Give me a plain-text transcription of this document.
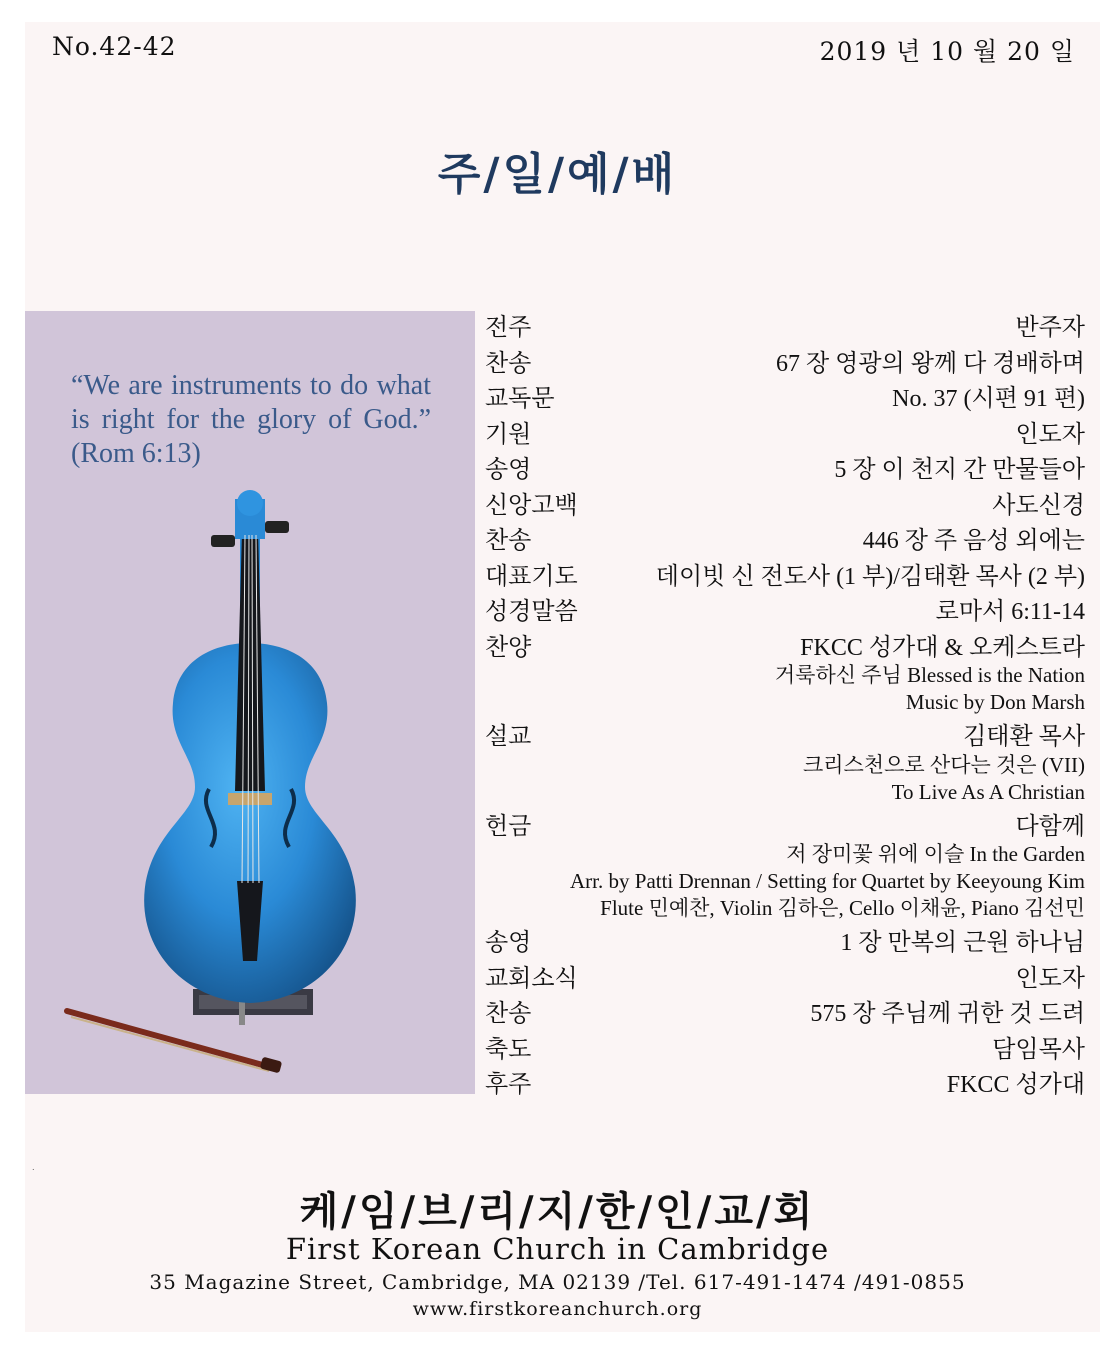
No.42-42	2019 년 10 월 20 일
주/일/예/배
“We are instruments to do what is right for the glory of God.” (Rom 6:13)
전주	반주자
찬송	67 장 영광의 왕께 다 경배하며
교독문	No. 37 (시편 91 편)
기원	인도자
송영	5 장 이 천지 간 만물들아
신앙고백	사도신경
찬송	446 장 주 음성 외에는
대표기도	데이빗 신 전도사 (1 부)/김태환 목사 (2 부)
성경말씀	로마서 6:11-14
찬양	FKCC 성가대 & 오케스트라
거룩하신 주님 Blessed is the Nation
Music by Don Marsh
설교	김태환 목사
크리스천으로 산다는 것은 (VII)
To Live As A Christian
헌금	다함께
저 장미꽃 위에 이슬 In the Garden
Arr. by Patti Drennan / Setting for Quartet by Keeyoung Kim
Flute 민예찬, Violin 김하은, Cello 이채윤, Piano 김선민
송영	1 장 만복의 근원 하나님
교회소식	인도자
찬송	575 장 주님께 귀한 것 드려
축도	담임목사
후주	FKCC 성가대
.
케/임/브/리/지/한/인/교/회
First Korean Church in Cambridge
35 Magazine Street, Cambridge, MA 02139 /Tel. 617-491-1474 /491-0855
www.firstkoreanchurch.org
